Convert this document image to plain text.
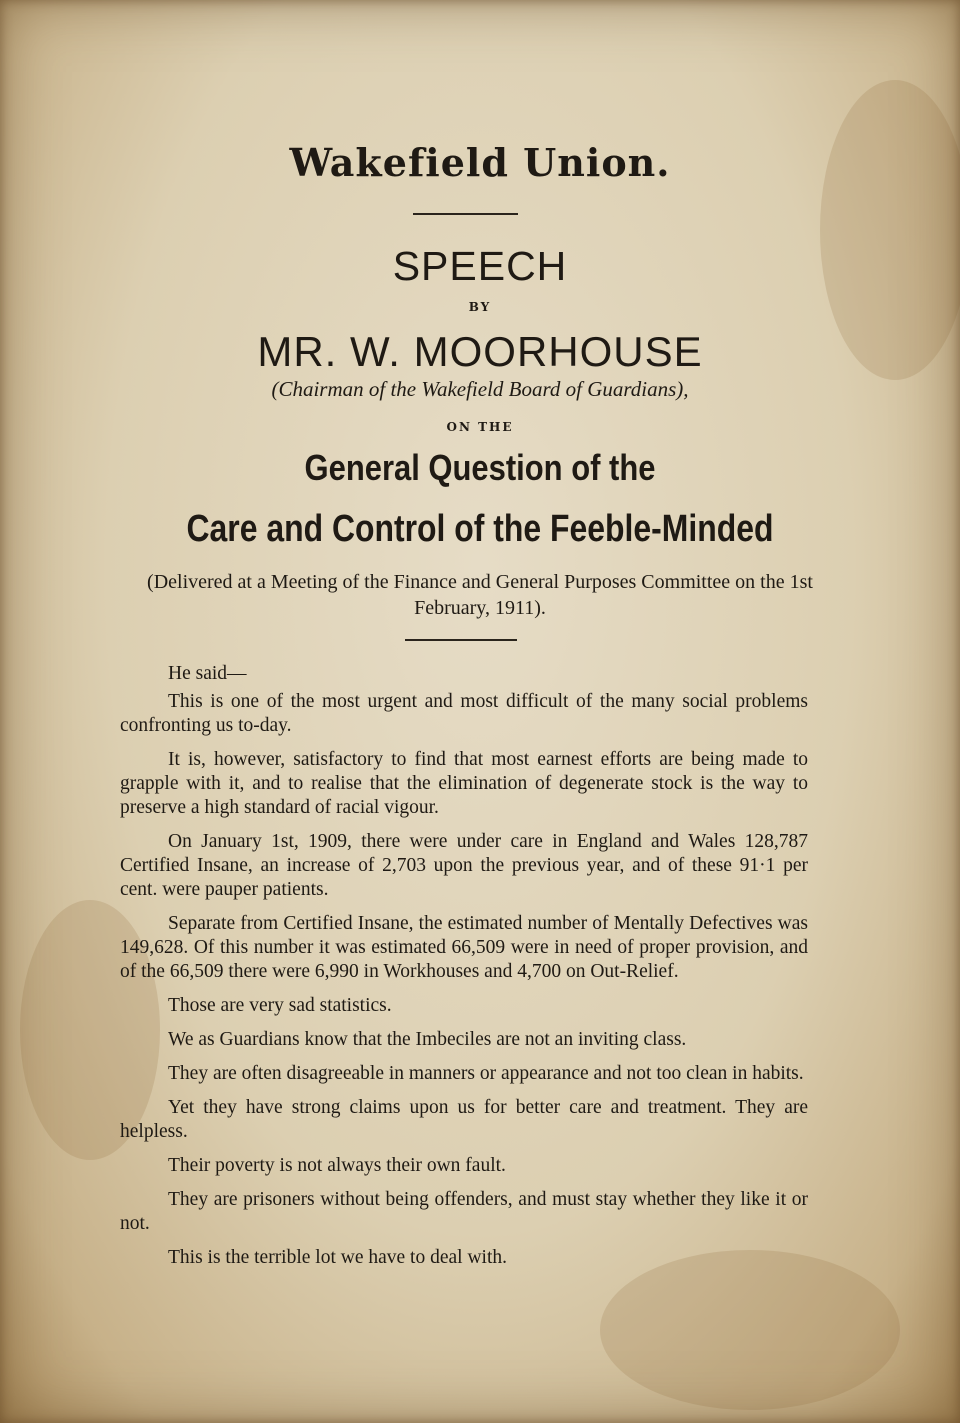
Wakefield Union.
SPEECH
BY
MR. W. MOORHOUSE
(Chairman of the Wakefield Board of Guardians),
ON THE
General Question of the
Care and Control of the Feeble-Minded
(Delivered at a Meeting of the Finance and General Purposes Committee on the 1st February, 1911).

He said—

This is one of the most urgent and most difficult of the many social problems confronting us to-day.

It is, however, satisfactory to find that most earnest efforts are being made to grapple with it, and to realise that the elimination of degenerate stock is the way to preserve a high standard of racial vigour.

On January 1st, 1909, there were under care in England and Wales 128,787 Certified Insane, an increase of 2,703 upon the previous year, and of these 91·1 per cent. were pauper patients.

Separate from Certified Insane, the estimated number of Mentally Defectives was 149,628. Of this number it was estimated 66,509 were in need of proper provision, and of the 66,509 there were 6,990 in Workhouses and 4,700 on Out-Relief.

Those are very sad statistics.

We as Guardians know that the Imbeciles are not an inviting class.

They are often disagreeable in manners or appearance and not too clean in habits.

Yet they have strong claims upon us for better care and treatment. They are helpless.

Their poverty is not always their own fault.

They are prisoners without being offenders, and must stay whether they like it or not.

This is the terrible lot we have to deal with.
